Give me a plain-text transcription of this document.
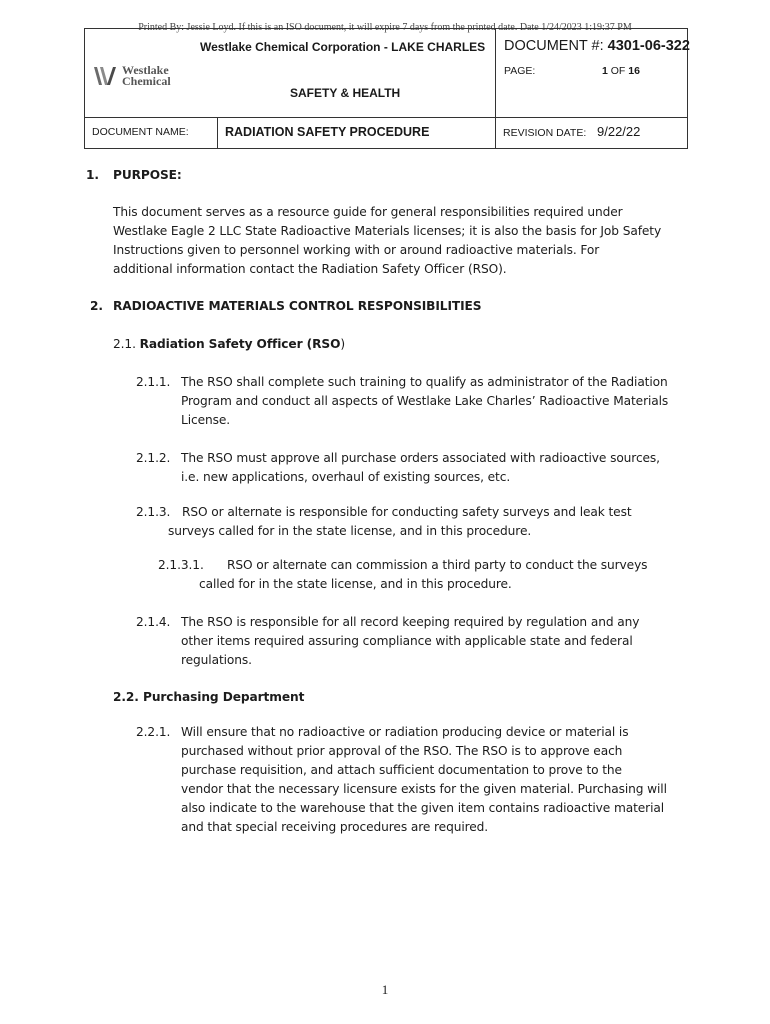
Printed By: Jessie Loyd. If this is an ISO document, it will expire 7 days from the printed date. Date 1/24/2023 1:19:37 PM
Westlake
Chemical
Westlake Chemical Corporation - LAKE CHARLES
SAFETY & HEALTH
DOCUMENT #: 4301-06-322
PAGE:	1 OF 16
DOCUMENT NAME:	RADIATION SAFETY PROCEDURE	REVISION DATE: 9/22/22
1. PURPOSE:
This document serves as a resource guide for general responsibilities required under
Westlake Eagle 2 LLC State Radioactive Materials licenses; it is also the basis for Job Safety
Instructions given to personnel working with or around radioactive materials. For
additional information contact the Radiation Safety Officer (RSO).
2. RADIOACTIVE MATERIALS CONTROL RESPONSIBILITIES
2.1. Radiation Safety Officer (RSO)
2.1.1. The RSO shall complete such training to qualify as administrator of the Radiation
Program and conduct all aspects of Westlake Lake Charles’ Radioactive Materials
License.
2.1.2. The RSO must approve all purchase orders associated with radioactive sources,
i.e. new applications, overhaul of existing sources, etc.
2.1.3. RSO or alternate is responsible for conducting safety surveys and leak test
surveys called for in the state license, and in this procedure.
2.1.3.1. RSO or alternate can commission a third party to conduct the surveys
called for in the state license, and in this procedure.
2.1.4. The RSO is responsible for all record keeping required by regulation and any
other items required assuring compliance with applicable state and federal
regulations.
2.2. Purchasing Department
2.2.1. Will ensure that no radioactive or radiation producing device or material is
purchased without prior approval of the RSO. The RSO is to approve each
purchase requisition, and attach sufficient documentation to prove to the
vendor that the necessary licensure exists for the given material. Purchasing will
also indicate to the warehouse that the given item contains radioactive material
and that special receiving procedures are required.
1
